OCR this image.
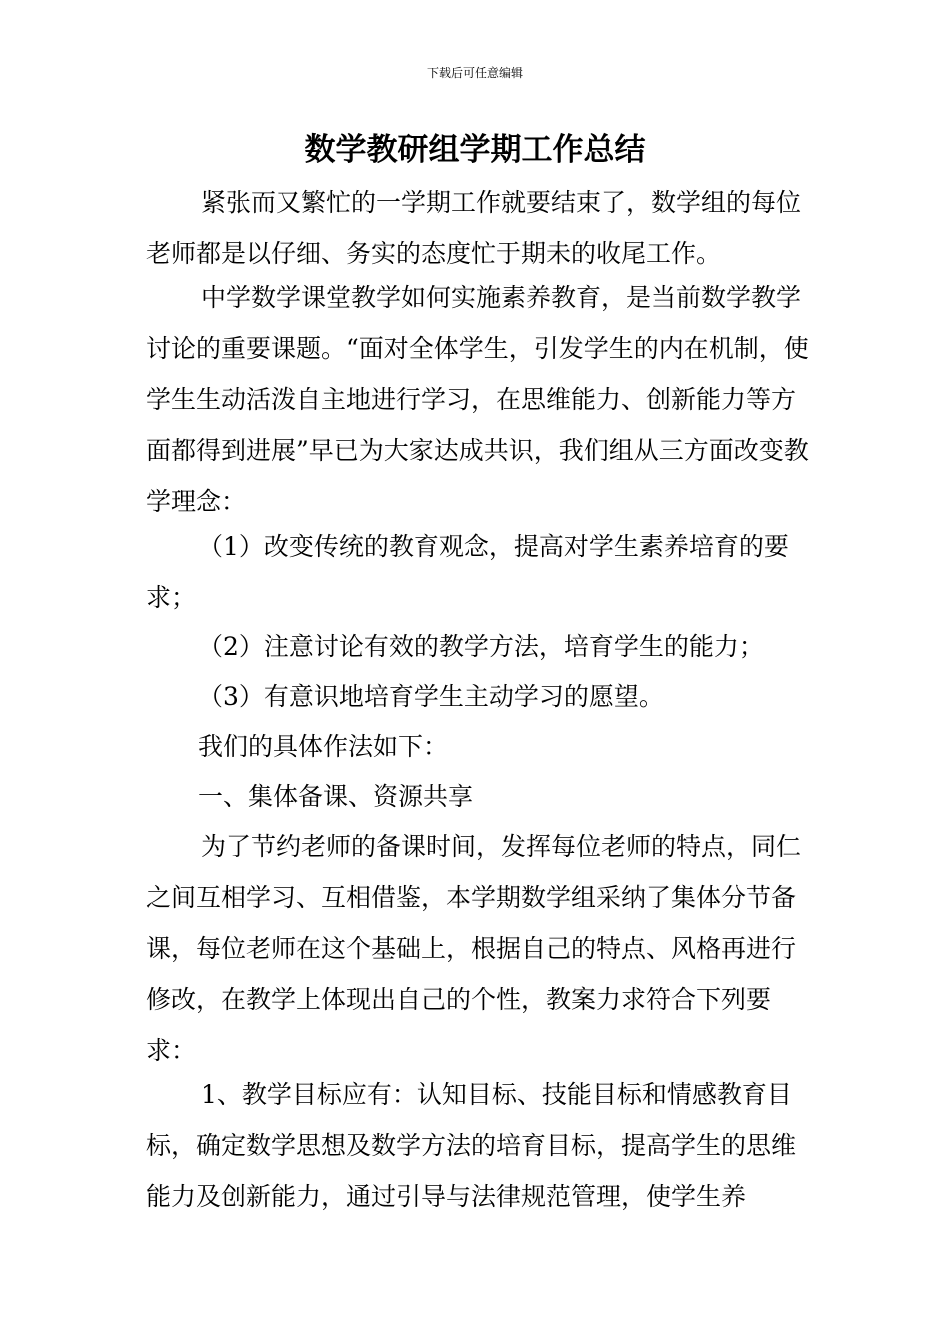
下载后可任意编辑
数学教研组学期工作总结

紧张而又繁忙的一学期工作就要结束了，数学组的每位老师都是以仔细、务实的态度忙于期未的收尾工作。

中学数学课堂教学如何实施素养教育，是当前数学教学讨论的重要课题。“面对全体学生，引发学生的内在机制，使学生生动活泼自主地进行学习，在思维能力、创新能力等方面都得到进展”早已为大家达成共识，我们组从三方面改变教学理念：

（1）改变传统的教育观念，提高对学生素养培育的要求；

（2）注意讨论有效的教学方法，培育学生的能力；

（3）有意识地培育学生主动学习的愿望。

我们的具体作法如下：

一、集体备课、资源共享

为了节约老师的备课时间，发挥每位老师的特点，同仁之间互相学习、互相借鉴，本学期数学组采纳了集体分节备课，每位老师在这个基础上，根据自己的特点、风格再进行修改，在教学上体现出自己的个性，教案力求符合下列要求：

1、教学目标应有：认知目标、技能目标和情感教育目标，确定数学思想及数学方法的培育目标，提高学生的思维能力及创新能力，通过引导与法律规范管理，使学生养
